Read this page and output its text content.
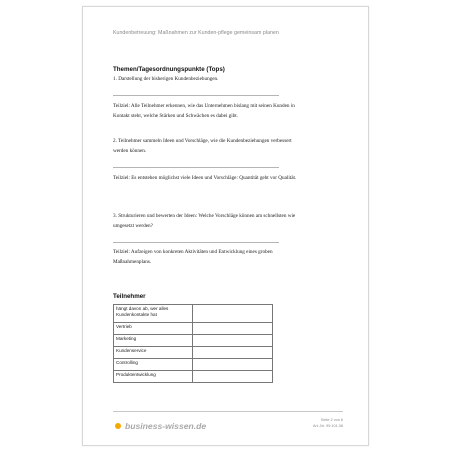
Kundenbetreuung: Maßnahmen zur Kunden-pflege gemeinsam planen
Themen/Tagesordnungspunkte (Tops)
1. Darstellung der bisherigen Kundenbeziehungen.
Teilziel: Alle Teilnehmer erkennen, wie das Unternehmen bislang mit seinen Kunden in Kontakt steht, welche Stärken und Schwächen es dabei gibt.
2. Teilnehmer sammeln Ideen und Vorschläge, wie die Kundenbeziehungen verbessert werden können.
Teilziel: Es entstehen möglichst viele Ideen und Vorschläge: Quantität geht vor Qualität.
3. Strukturieren und bewerten der Ideen: Welche Vorschläge können am schnellsten wie umgesetzt werden?
Teilziel: Aufzeigen von konkreten Aktivitäten und Entwicklung eines groben Maßnahmenplans.
Teilnehmer
hängt davon ab, wer alles Kundenkontakte hat	
Vertrieb	
Marketing	
Kundenservice	
Controlling	
Produktentwicklung	
business-wissen.de
Seite 2 von 6
Art.-Nr. 99.101.08
